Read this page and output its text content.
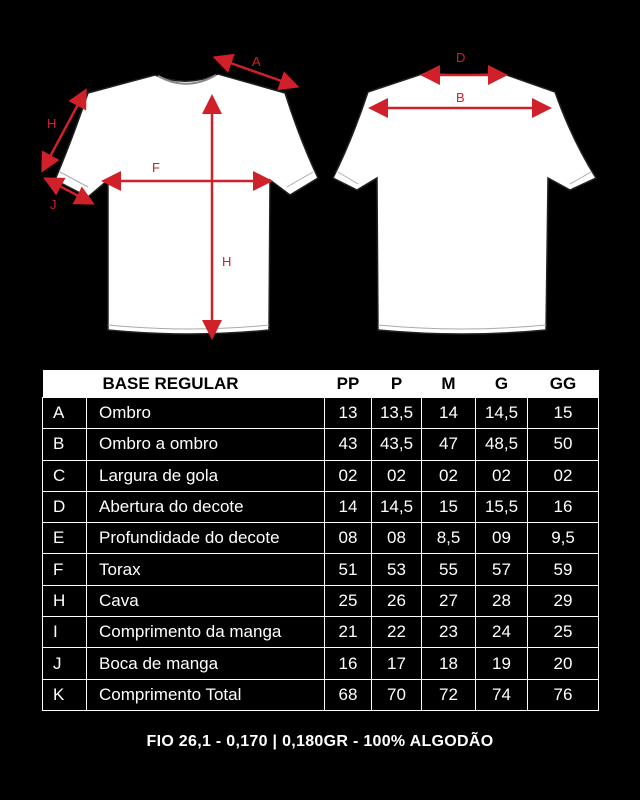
A
H
J
F
H
D
B
BASE REGULAR		PP	P	M	G	GG
A	Ombro	13	13,5	14	14,5	15
B	Ombro a ombro	43	43,5	47	48,5	50
C	Largura de gola	02	02	02	02	02
D	Abertura do decote	14	14,5	15	15,5	16
E	Profundidade do decote	08	08	8,5	09	9,5
F	Torax	51	53	55	57	59
H	Cava	25	26	27	28	29
I	Comprimento da manga	21	22	23	24	25
J	Boca de manga	16	17	18	19	20
K	Comprimento Total	68	70	72	74	76
FIO 26,1 - 0,170 | 0,180GR - 100% ALGODÃO
